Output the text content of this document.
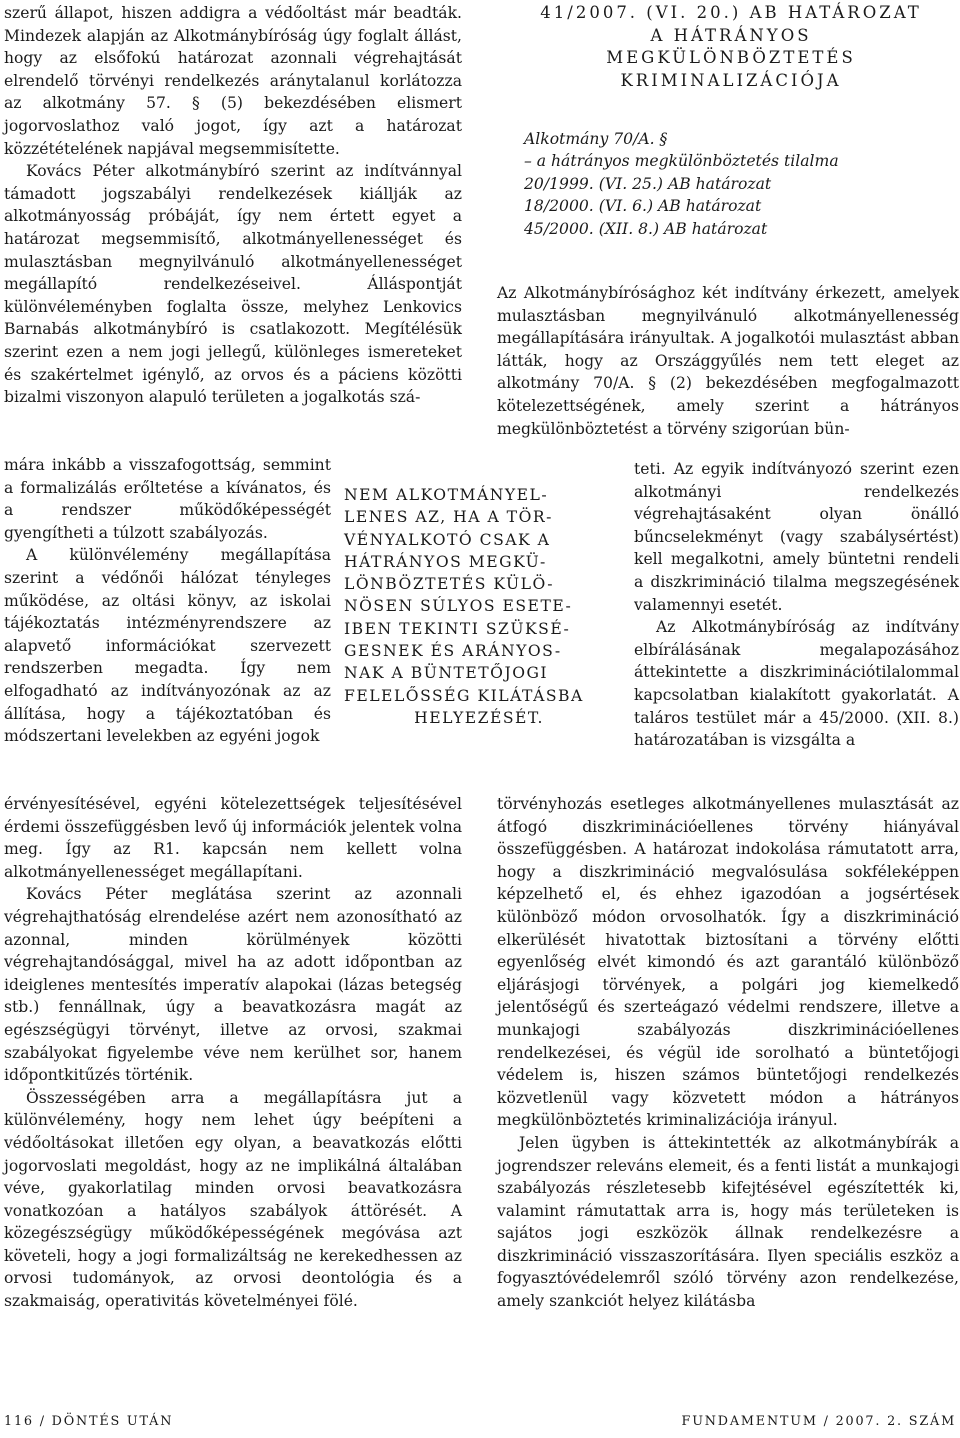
szerű állapot, hiszen addigra a védőoltást már beadták. Mindezek alapján az Alkotmánybíróság úgy foglalt állást, hogy az elsőfokú határozat azonnali végrehajtását elrendelő törvényi rendelkezés aránytalanul korlátozza az alkotmány 57. § (5) bekezdésében elismert jogorvoslathoz való jogot, így azt a határozat közzétételének napjával megsemmisítette.

Kovács Péter alkotmánybíró szerint az indítvánnyal támadott jogszabályi rendelkezések kiállják az alkotmányosság próbáját, így nem értett egyet a határozat megsemmisítő, alkotmányellenességet és mulasztásban megnyilvánuló alkotmányellenességet megállapító rendelkezéseivel. Álláspontját különvéleményben foglalta össze, melyhez Lenkovics Barnabás alkotmánybíró is csatlakozott. Megítélésük szerint ezen a nem jogi jellegű, különleges ismereteket és szakértelmet igénylő, az orvos és a páciens közötti bizalmi viszonyon alapuló területen a jogalkotás szá-

mára inkább a visszafogottság, semmint a formalizálás erőltetése a kívánatos, és a rendszer működőképességét gyengítheti a túlzott szabályozás.

A különvélemény megállapítása szerint a védőnői hálózat tényleges működése, az oltási könyv, az iskolai tájékoztatás intézményrendszere az alapvető információkat szervezett rendszerben megadta. Így nem elfogadható az indítványozónak az az állítása, hogy a tájékoztatóban és módszertani levelekben az egyéni jogok

érvényesítésével, egyéni kötelezettségek teljesítésével érdemi összefüggésben levő új információk jelentek volna meg. Így az R1. kapcsán nem kellett volna alkotmányellenességet megállapítani.

Kovács Péter meglátása szerint az azonnali végrehajthatóság elrendelése azért nem azonosítható az azonnal, minden körülmények közötti végrehajtandósággal, mivel ha az adott időpontban az ideiglenes mentesítés imperatív alapokai (lázas betegség stb.) fennállnak, úgy a beavatkozásra magát az egészségügyi törvényt, illetve az orvosi, szakmai szabályokat figyelembe véve nem kerülhet sor, hanem időpontkitűzés történik.

Összességében arra a megállapításra jut a különvélemény, hogy nem lehet úgy beépíteni a védőoltásokat illetően egy olyan, a beavatkozás előtti jogorvoslati megoldást, hogy az ne implikálná általában véve, gyakorlatilag minden orvosi beavatkozásra vonatkozóan a hatályos szabályok áttörését. A közegészségügy működőképességének megóvása azt követeli, hogy a jogi formalizáltság ne kerekedhessen az orvosi tudományok, az orvosi deontológia és a szakmaiság, operativitás követelményei fölé.

NEM ALKOTMÁNYEL-
LENES AZ, HA A TÖR-
VÉNYALKOTÓ CSAK A
HÁTRÁNYOS MEGKÜ-
LÖNBÖZTETÉS KÜLÖ-
NÖSEN SÚLYOS ESETE-
IBEN TEKINTI SZÜKSÉ-
GESNEK ÉS ARÁNYOS-
NAK A BÜNTETŐJOGI
FELELŐSSÉG KILÁTÁSBA
HELYEZÉSÉT.
41/2007. (VI. 20.) AB HATÁROZAT
A HÁTRÁNYOS
MEGKÜLÖNBÖZTETÉS
KRIMINALIZÁCIÓJA
Alkotmány 70/A. §
– a hátrányos megkülönböztetés tilalma
20/1999. (VI. 25.) AB határozat
18/2000. (VI. 6.) AB határozat
45/2000. (XII. 8.) AB határozat

Az Alkotmánybírósághoz két indítvány érkezett, amelyek mulasztásban megnyilvánuló alkotmányellenesség megállapítására irányultak. A jogalkotói mulasztást abban látták, hogy az Országgyűlés nem tett eleget az alkotmány 70/A. § (2) bekezdésében megfogalmazott kötelezettségének, amely szerint a hátrányos megkülönböztetést a törvény szigorúan bün-

teti. Az egyik indítványozó szerint ezen alkotmányi rendelkezés végrehajtásaként olyan önálló bűncselekményt (vagy szabálysértést) kell megalkotni, amely büntetni rendeli a diszkrimináció tilalma megszegésének valamennyi esetét.

Az Alkotmánybíróság az indítvány elbírálásának megalapozásához áttekintette a diszkriminációtilalommal kapcsolatban kialakított gyakorlatát. A taláros testület már a 45/2000. (XII. 8.) határozatában is vizsgálta a

törvényhozás esetleges alkotmányellenes mulasztását az átfogó diszkriminációellenes törvény hiányával összefüggésben. A határozat indokolása rámutatott arra, hogy a diszkrimináció megvalósulása sokféleképpen képzelhető el, és ehhez igazodóan a jogsértések különböző módon orvosolhatók. Így a diszkrimináció elkerülését hivatottak biztosítani a törvény előtti egyenlőség elvét kimondó és azt garantáló különböző eljárásjogi törvények, a polgári jog kiemelkedő jelentőségű és szerteágazó védelmi rendszere, illetve a munkajogi szabályozás diszkriminációellenes rendelkezései, és végül ide sorolható a büntetőjogi védelem is, hiszen számos büntetőjogi rendelkezés közvetlenül vagy közvetett módon a hátrányos megkülönböztetés kriminalizációja irányul.

Jelen ügyben is áttekintették az alkotmánybírák a jogrendszer releváns elemeit, és a fenti listát a munkajogi szabályozás részletesebb kifejtésével egészítették ki, valamint rámutattak arra is, hogy más területeken is sajátos jogi eszközök állnak rendelkezésre a diszkrimináció visszaszorítására. Ilyen speciális eszköz a fogyasztóvédelemről szóló törvény azon rendelkezése, amely szankciót helyez kilátásba

116 / DÖNTÉS UTÁN	FUNDAMENTUM / 2007. 2. SZÁM
